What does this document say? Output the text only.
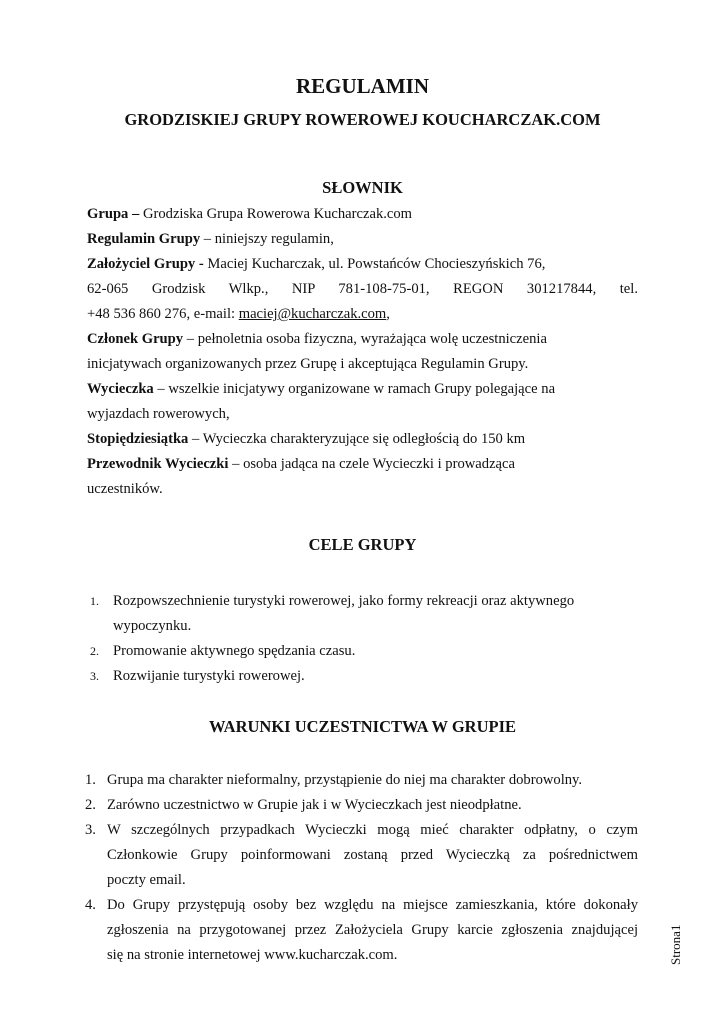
REGULAMIN
GRODZISKIEJ GRUPY ROWEROWEJ KOUCHARCZAK.COM
SŁOWNIK
Grupa – Grodziska Grupa Rowerowa Kucharczak.com
Regulamin Grupy – niniejszy regulamin,
Założyciel Grupy - Maciej Kucharczak, ul. Powstańców Chocieszyńskich 76,
62-065 Grodzisk Wlkp., NIP 781-108-75-01, REGON 301217844, tel.
+48 536 860 276, e-mail: maciej@kucharczak.com,
Członek Grupy – pełnoletnia osoba fizyczna, wyrażająca wolę uczestniczenia
inicjatywach organizowanych przez Grupę i akceptująca Regulamin Grupy.
Wycieczka – wszelkie inicjatywy organizowane w ramach Grupy polegające na
wyjazdach rowerowych,
Stopiędziesiątka – Wycieczka charakteryzujące się odległością do 150 km
Przewodnik Wycieczki – osoba jadąca na czele Wycieczki i prowadząca
uczestników.
CELE GRUPY
1. Rozpowszechnienie turystyki rowerowej, jako formy rekreacji oraz aktywnego
wypoczynku.
2. Promowanie aktywnego spędzania czasu.
3. Rozwijanie turystyki rowerowej.
WARUNKI UCZESTNICTWA W GRUPIE
1. Grupa ma charakter nieformalny, przystąpienie do niej ma charakter dobrowolny.
2. Zarówno uczestnictwo w Grupie jak i w Wycieczkach jest nieodpłatne.
3. W szczególnych przypadkach Wycieczki mogą mieć charakter odpłatny, o czym
Członkowie Grupy poinformowani zostaną przed Wycieczką za pośrednictwem
poczty email.
4. Do Grupy przystępują osoby bez względu na miejsce zamieszkania, które dokonały
zgłoszenia na przygotowanej przez Założyciela Grupy karcie zgłoszenia znajdującej
się na stronie internetowej www.kucharczak.com.	Strona1
